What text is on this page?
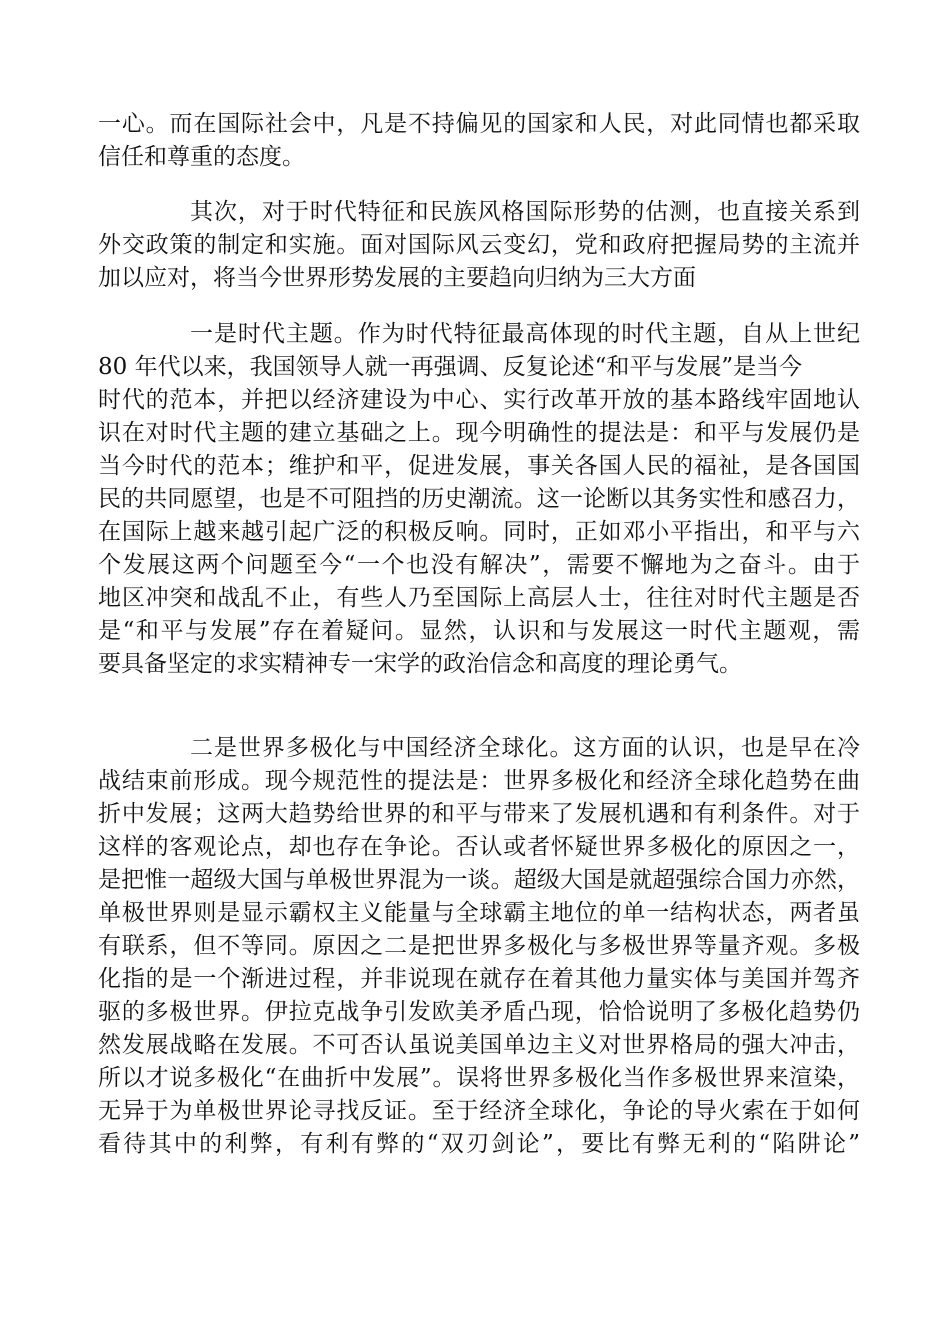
一心。而在国际社会中，凡是不持偏见的国家和人民，对此同情也都采取
信任和尊重的态度。
其次，对于时代特征和民族风格国际形势的估测，也直接关系到
外交政策的制定和实施。面对国际风云变幻，党和政府把握局势的主流并
加以应对，将当今世界形势发展的主要趋向归纳为三大方面
一是时代主题。作为时代特征最高体现的时代主题，自从上世纪
80 年代以来，我国领导人就一再强调、反复论述“和平与发展”是当今
时代的范本，并把以经济建设为中心、实行改革开放的基本路线牢固地认
识在对时代主题的建立基础之上。现今明确性的提法是：和平与发展仍是
当今时代的范本；维护和平，促进发展，事关各国人民的福祉，是各国国
民的共同愿望，也是不可阻挡的历史潮流。这一论断以其务实性和感召力，
在国际上越来越引起广泛的积极反响。同时，正如邓小平指出，和平与六
个发展这两个问题至今“一个也没有解决”，需要不懈地为之奋斗。由于
地区冲突和战乱不止，有些人乃至国际上高层人士，往往对时代主题是否
是“和平与发展”存在着疑问。显然，认识和与发展这一时代主题观，需
要具备坚定的求实精神专一宋学的政治信念和高度的理论勇气。
二是世界多极化与中国经济全球化。这方面的认识，也是早在冷
战结束前形成。现今规范性的提法是：世界多极化和经济全球化趋势在曲
折中发展；这两大趋势给世界的和平与带来了发展机遇和有利条件。对于
这样的客观论点，却也存在争论。否认或者怀疑世界多极化的原因之一，
是把惟一超级大国与单极世界混为一谈。超级大国是就超强综合国力亦然，
单极世界则是显示霸权主义能量与全球霸主地位的单一结构状态，两者虽
有联系，但不等同。原因之二是把世界多极化与多极世界等量齐观。多极
化指的是一个渐进过程，并非说现在就存在着其他力量实体与美国并驾齐
驱的多极世界。伊拉克战争引发欧美矛盾凸现，恰恰说明了多极化趋势仍
然发展战略在发展。不可否认虽说美国单边主义对世界格局的强大冲击，
所以才说多极化“在曲折中发展”。误将世界多极化当作多极世界来渲染，
无异于为单极世界论寻找反证。至于经济全球化，争论的导火索在于如何
看待其中的利弊，有利有弊的“双刃剑论”，要比有弊无利的“陷阱论”
